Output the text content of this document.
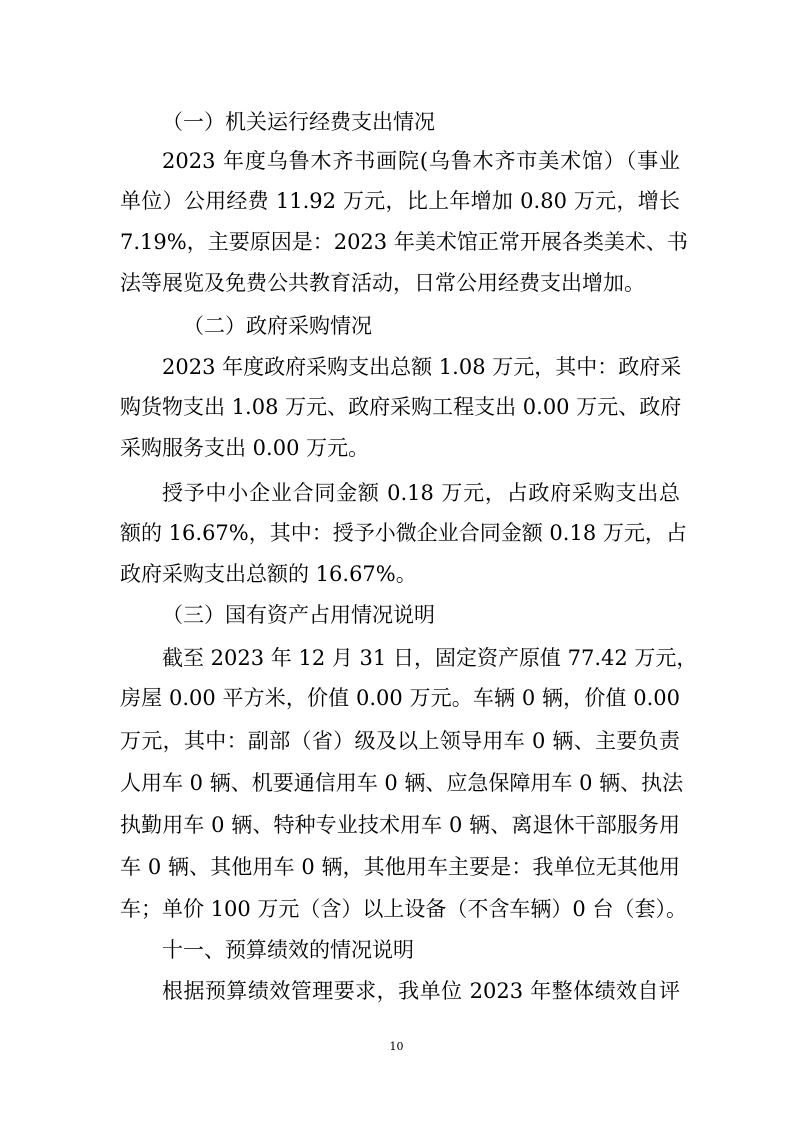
（一）机关运行经费支出情况
2023 年度乌鲁木齐书画院(乌鲁木齐市美术馆）（事业
单位）公用经费 11.92 万元，比上年增加 0.80 万元，增长
7.19%，主要原因是：2023 年美术馆正常开展各类美术、书
法等展览及免费公共教育活动，日常公用经费支出增加。
（二）政府采购情况
2023 年度政府采购支出总额 1.08 万元，其中：政府采
购货物支出 1.08 万元、政府采购工程支出 0.00 万元、政府
采购服务支出 0.00 万元。
授予中小企业合同金额 0.18 万元，占政府采购支出总
额的 16.67%，其中：授予小微企业合同金额 0.18 万元，占
政府采购支出总额的 16.67%。
（三）国有资产占用情况说明
截至 2023 年 12 月 31 日，固定资产原值 77.42 万元，
房屋 0.00 平方米，价值 0.00 万元。车辆 0 辆，价值 0.00
万元，其中：副部（省）级及以上领导用车 0 辆、主要负责
人用车 0 辆、机要通信用车 0 辆、应急保障用车 0 辆、执法
执勤用车 0 辆、特种专业技术用车 0 辆、离退休干部服务用
车 0 辆、其他用车 0 辆，其他用车主要是：我单位无其他用
车；单价 100 万元（含）以上设备（不含车辆）0 台（套）。
十一、预算绩效的情况说明
根据预算绩效管理要求，我单位 2023 年整体绩效自评
10
